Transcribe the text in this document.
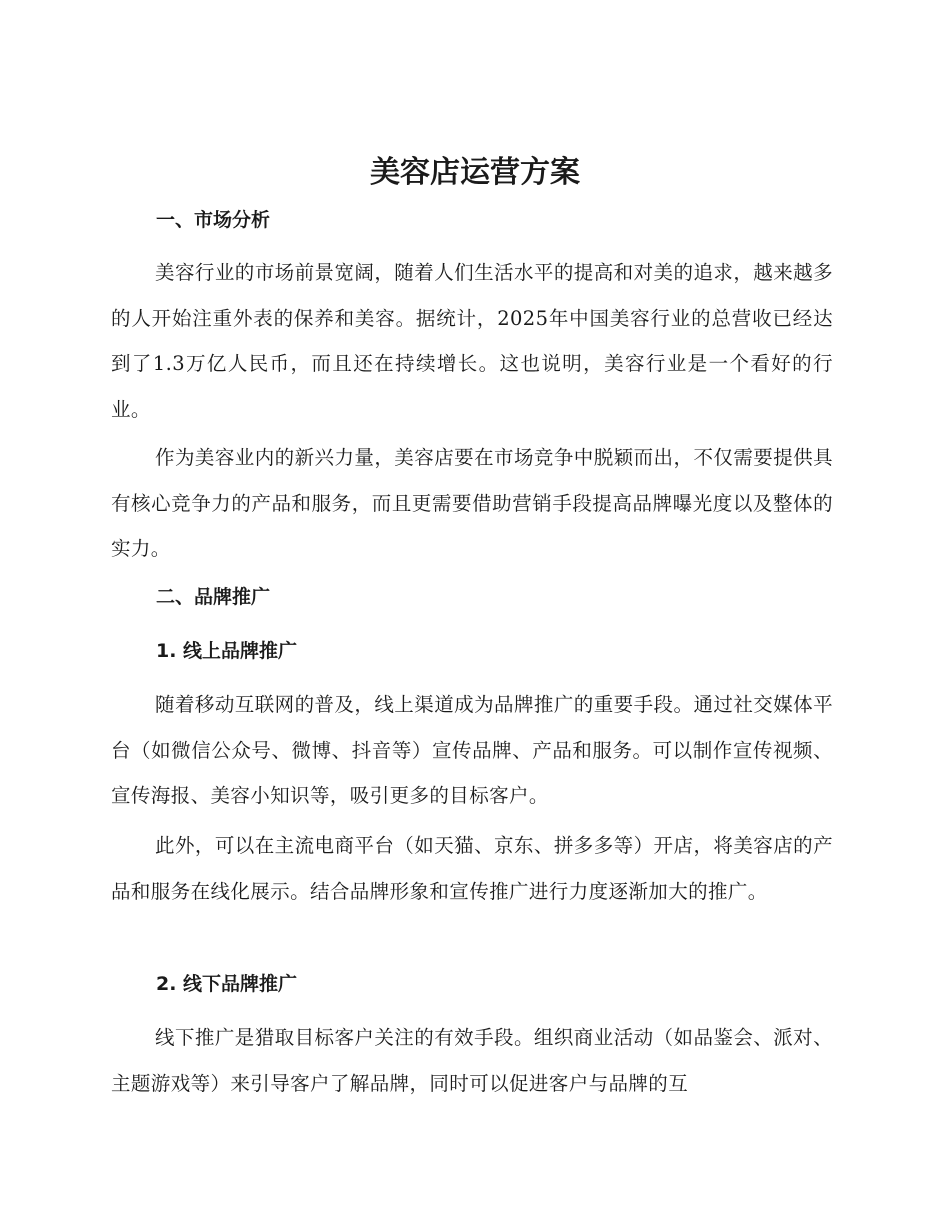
美容店运营方案
一、市场分析

美容行业的市场前景宽阔，随着人们生活水平的提高和对美的追求，越来越多的人开始注重外表的保养和美容。据统计，2025年中国美容行业的总营收已经达到了1.3万亿人民币，而且还在持续增长。这也说明，美容行业是一个看好的行业。

作为美容业内的新兴力量，美容店要在市场竞争中脱颖而出，不仅需要提供具有核心竞争力的产品和服务，而且更需要借助营销手段提高品牌曝光度以及整体的实力。

二、品牌推广
1. 线上品牌推广

随着移动互联网的普及，线上渠道成为品牌推广的重要手段。通过社交媒体平台（如微信公众号、微博、抖音等）宣传品牌、产品和服务。可以制作宣传视频、宣传海报、美容小知识等，吸引更多的目标客户。

此外，可以在主流电商平台（如天猫、京东、拼多多等）开店，将美容店的产品和服务在线化展示。结合品牌形象和宣传推广进行力度逐渐加大的推广。

2. 线下品牌推广

线下推广是猎取目标客户关注的有效手段。组织商业活动（如品鉴会、派对、主题游戏等）来引导客户了解品牌，同时可以促进客户与品牌的互
